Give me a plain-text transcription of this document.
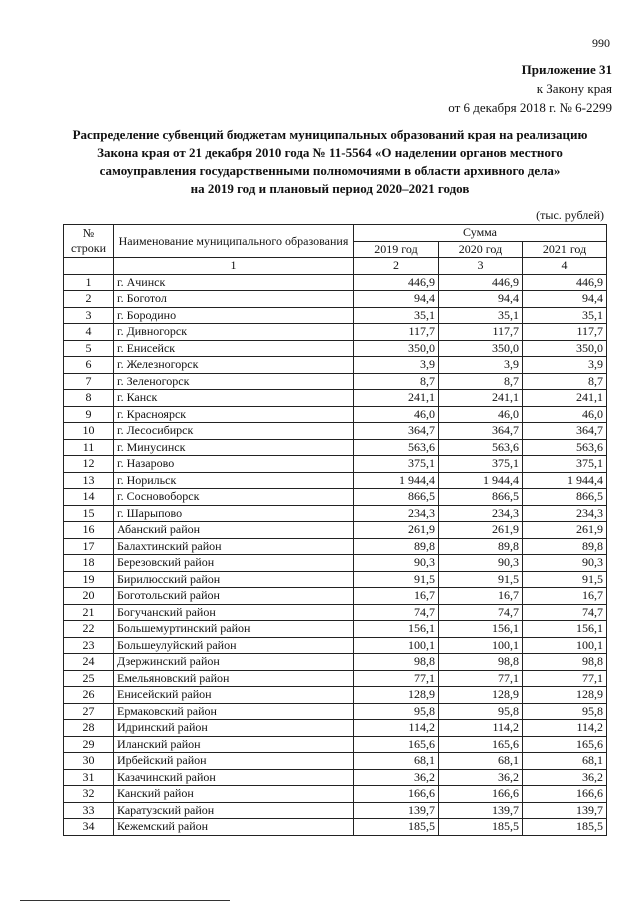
990
Приложение 31
к Закону края
от 6 декабря 2018 г. № 6-2299
Распределение субвенций бюджетам муниципальных образований края на реализацию
Закона края от 21 декабря 2010 года № 11-5564 «О наделении органов местного
самоуправления государственными полномочиями в области архивного дела»
на 2019 год и плановый период 2020–2021 годов
(тыс. рублей)
№ строки	Наименование муниципального образования	Сумма		
		2019 год	2020 год	2021 год
	1	2	3	4
1	г. Ачинск	446,9	446,9	446,9
2	г. Боготол	94,4	94,4	94,4
3	г. Бородино	35,1	35,1	35,1
4	г. Дивногорск	117,7	117,7	117,7
5	г. Енисейск	350,0	350,0	350,0
6	г. Железногорск	3,9	3,9	3,9
7	г. Зеленогорск	8,7	8,7	8,7
8	г. Канск	241,1	241,1	241,1
9	г. Красноярск	46,0	46,0	46,0
10	г. Лесосибирск	364,7	364,7	364,7
11	г. Минусинск	563,6	563,6	563,6
12	г. Назарово	375,1	375,1	375,1
13	г. Норильск	1 944,4	1 944,4	1 944,4
14	г. Сосновоборск	866,5	866,5	866,5
15	г. Шарыпово	234,3	234,3	234,3
16	Абанский район	261,9	261,9	261,9
17	Балахтинский район	89,8	89,8	89,8
18	Березовский район	90,3	90,3	90,3
19	Бирилюсский район	91,5	91,5	91,5
20	Боготольский район	16,7	16,7	16,7
21	Богучанский район	74,7	74,7	74,7
22	Большемуртинский район	156,1	156,1	156,1
23	Большеулуйский район	100,1	100,1	100,1
24	Дзержинский район	98,8	98,8	98,8
25	Емельяновский район	77,1	77,1	77,1
26	Енисейский район	128,9	128,9	128,9
27	Ермаковский район	95,8	95,8	95,8
28	Идринский район	114,2	114,2	114,2
29	Иланский район	165,6	165,6	165,6
30	Ирбейский район	68,1	68,1	68,1
31	Казачинский район	36,2	36,2	36,2
32	Канский район	166,6	166,6	166,6
33	Каратузский район	139,7	139,7	139,7
34	Кежемский район	185,5	185,5	185,5
